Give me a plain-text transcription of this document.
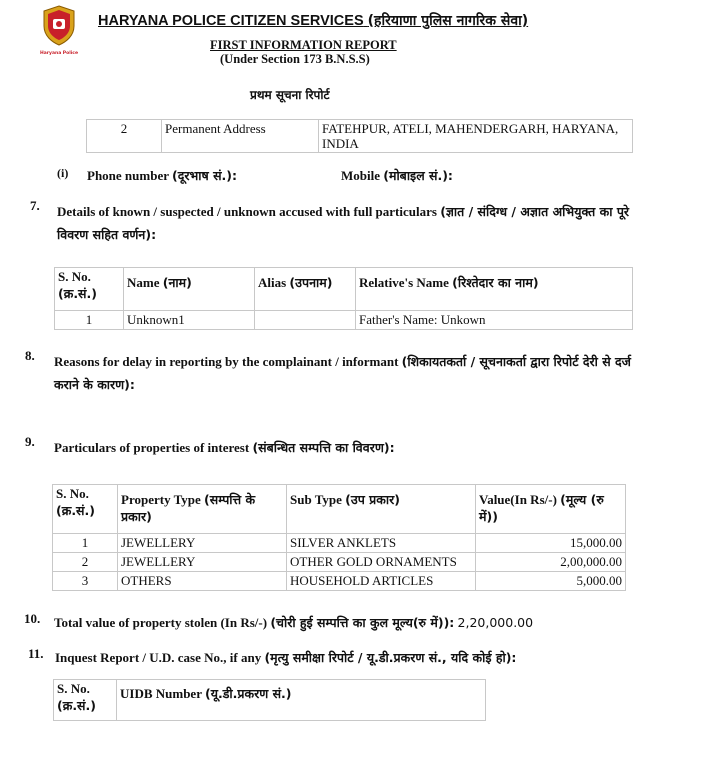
Haryana Police
HARYANA POLICE CITIZEN SERVICES (हरियाणा पुलिस नागरिक सेवा)
FIRST INFORMATION REPORT
(Under Section 173 B.N.S.S)
प्रथम सूचना रिपोर्ट
2	Permanent Address	FATEHPUR, ATELI, MAHENDERGARH, HARYANA, INDIA
(i) Phone number (दूरभाष सं.):	Mobile (मोबाइल सं.):
7. Details of known / suspected / unknown accused with full particulars (ज्ञात / संदिग्ध / अज्ञात अभियुक्त का पूरे विवरण सहित वर्णन):
S. No.
(क्र.सं.)	Name (नाम)	Alias (उपनाम)	Relative's Name (रिश्तेदार का नाम)
1	Unknown1		Father's Name: Unkown
8. Reasons for delay in reporting by the complainant / informant (शिकायतकर्ता / सूचनाकर्ता द्वारा रिपोर्ट देरी से दर्ज कराने के कारण):
9. Particulars of properties of interest (संबन्धित सम्पत्ति का विवरण):
S. No.
(क्र.सं.)	Property Type (सम्पत्ति के प्रकार)	Sub Type (उप प्रकार)	Value(In Rs/-) (मूल्य (रु में))
1	JEWELLERY	SILVER ANKLETS	15,000.00
2	JEWELLERY	OTHER GOLD ORNAMENTS	2,00,000.00
3	OTHERS	HOUSEHOLD ARTICLES	5,000.00
10. Total value of property stolen (In Rs/-) (चोरी हुई सम्पत्ति का कुल मूल्य(रु में)): 2,20,000.00
11. Inquest Report / U.D. case No., if any (मृत्यु समीक्षा रिपोर्ट / यू.डी.प्रकरण सं., यदि कोई हो):
S. No.
(क्र.सं.)	UIDB Number (यू.डी.प्रकरण सं.)
